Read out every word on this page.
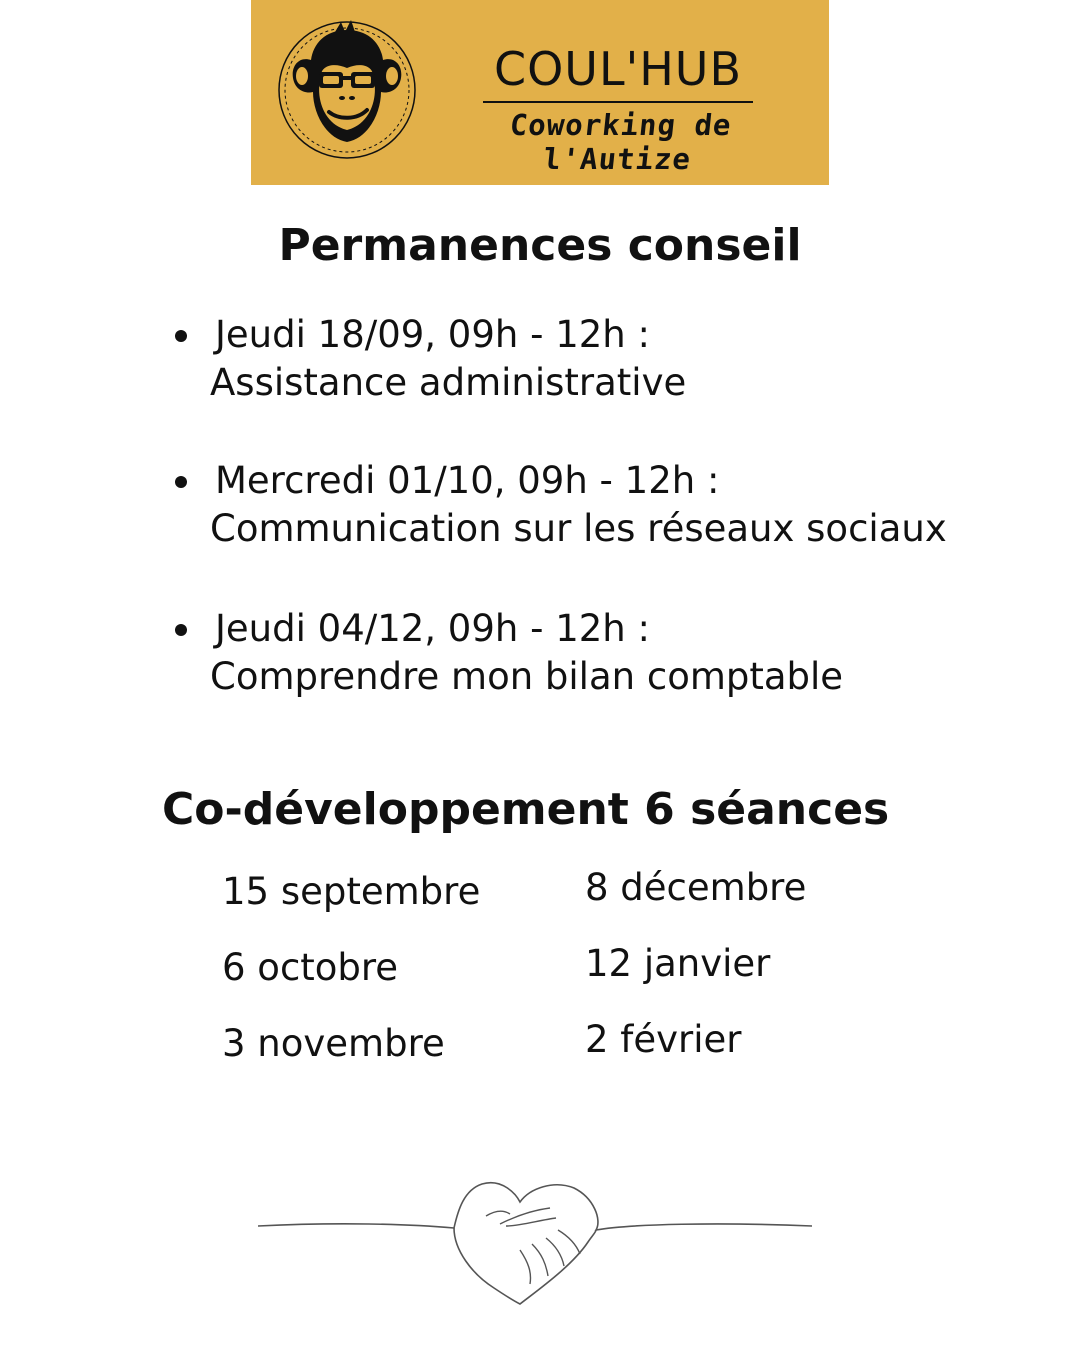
COUL'HUB
Coworking de l'Autize
Permanences conseil
Jeudi 18/09, 09h - 12h :
Assistance administrative
Mercredi 01/10, 09h - 12h :
Communication sur les réseaux sociaux
Jeudi 04/12, 09h - 12h :
Comprendre mon bilan comptable
Co-développement 6 séances
15 septembre
6 octobre
3 novembre
8 décembre
12 janvier
2 février
